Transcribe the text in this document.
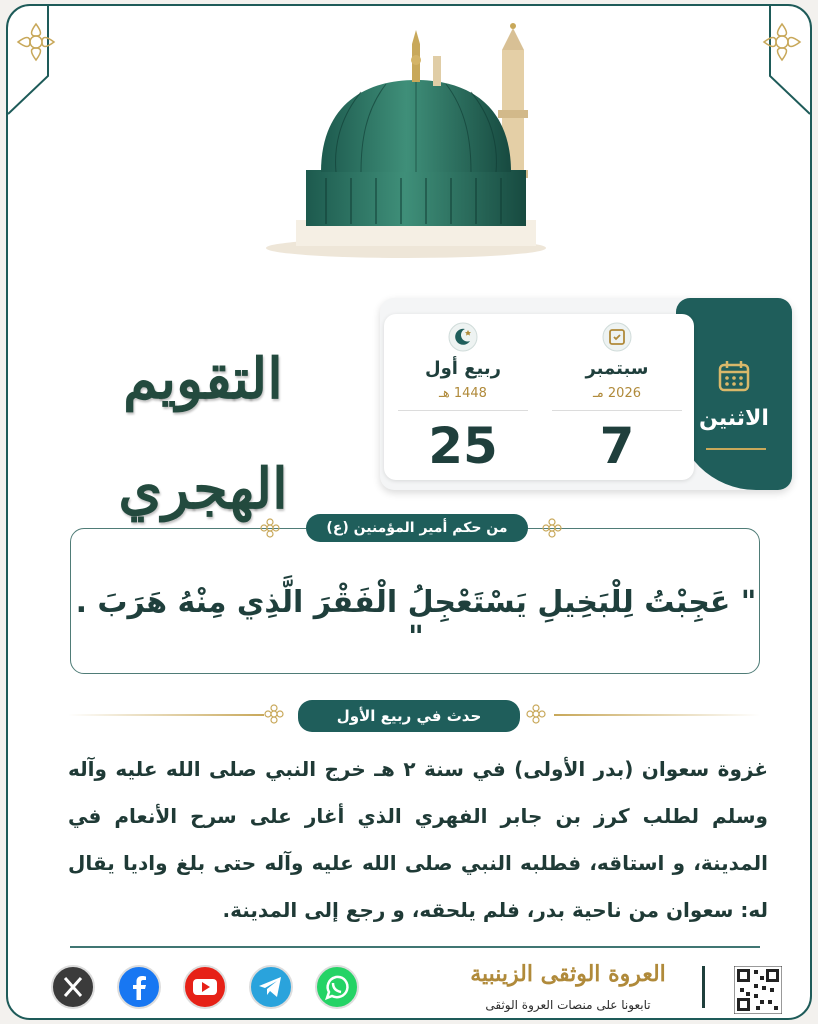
التقويم الهجري
الاثنين
سبتمبر
2026 مـ
7
ربيع أول
1448 هـ
25
" عَجِبْتُ لِلْبَخِيلِ يَسْتَعْجِلُ الْفَقْرَ الَّذِي مِنْهُ هَرَبَ . "
من حكم أمير المؤمنين (ع)
حدث في ربيع الأول
غزوة سعوان (بدر الأولى) في سنة ٢ هـ خرج النبي صلى الله عليه وآله وسلم لطلب كرز بن جابر الفهري الذي أغار على سرح الأنعام في المدينة، و استاقه، فطلبه النبي صلى الله عليه وآله حتى بلغ واديا يقال له: سعوان من ناحية بدر، فلم يلحقه، و رجع إلى المدينة.
العروة الوثقى الزينبية
تابعونا على منصات العروة الوثقى
